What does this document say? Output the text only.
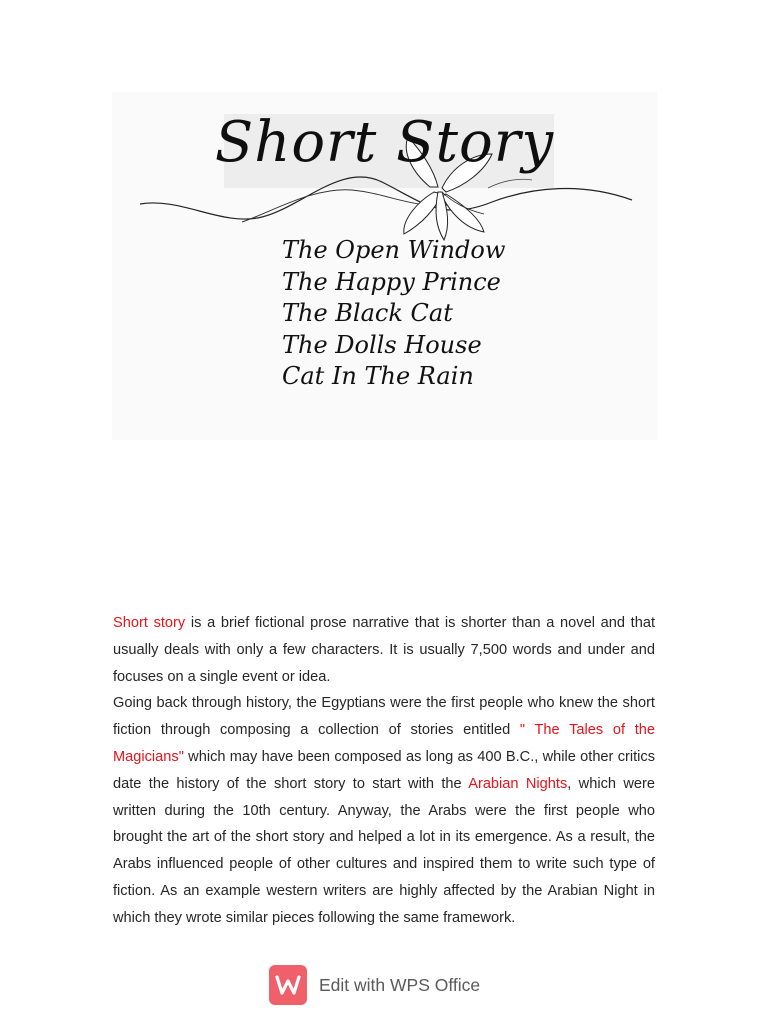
Short Story
The Open Window
The Happy Prince
The Black Cat
The Dolls House
Cat In The Rain

Short story is a brief fictional prose narrative that is shorter than a novel and that usually deals with only a few characters. It is usually 7,500 words and under and focuses on a single event or idea.

Going back through history, the Egyptians were the first people who knew the short fiction through composing a collection of stories entitled " The Tales of the Magicians" which may have been composed as long as 400 B.C., while other critics date the history of the short story to start with the Arabian Nights, which were written during the 10th century. Anyway, the Arabs were the first people who brought the art of the short story and helped a lot in its emergence. As a result, the Arabs influenced people of other cultures and inspired them to write such type of fiction. As an example western writers are highly affected by the Arabian Night in which they wrote similar pieces following the same framework.

Edit with WPS Office
